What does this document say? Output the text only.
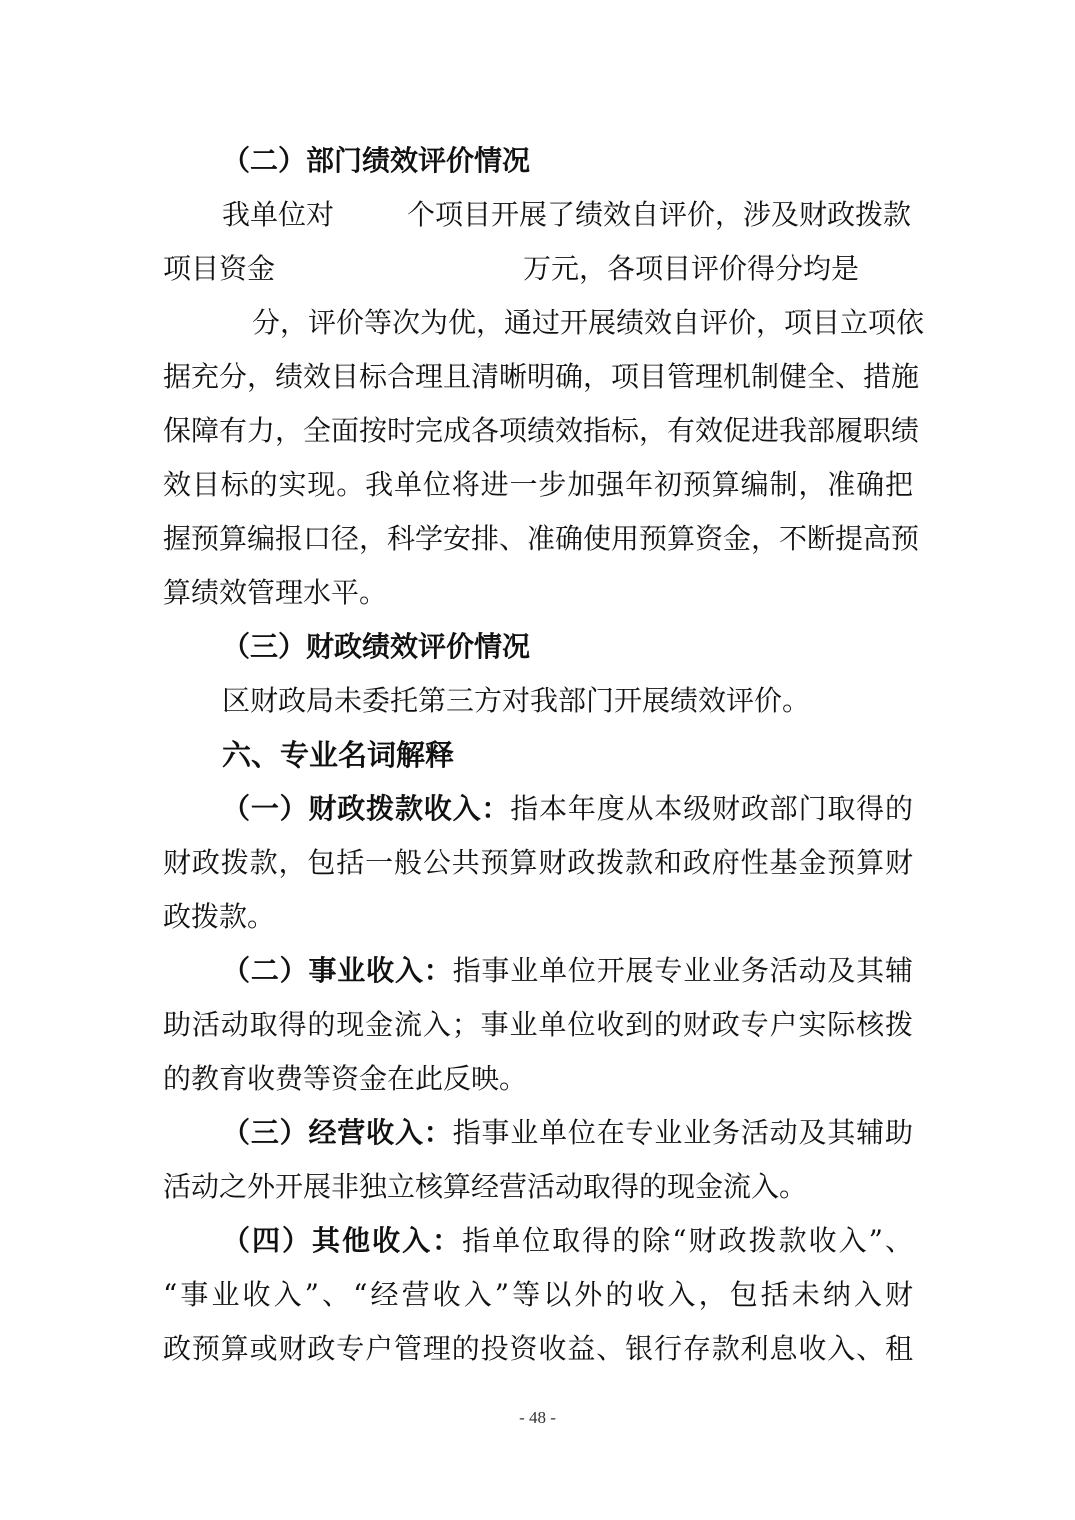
（二）部门绩效评价情况
我单位对	个项目开展了绩效自评价，涉及财政拨款
项目资金	万元，各项目评价得分均是
分，评价等次为优，通过开展绩效自评价，项目立项依
据充分，绩效目标合理且清晰明确，项目管理机制健全、措施
保障有力，全面按时完成各项绩效指标，有效促进我部履职绩
效目标的实现。我单位将进一步加强年初预算编制，准确把
握预算编报口径，科学安排、准确使用预算资金，不断提高预
算绩效管理水平。
（三）财政绩效评价情况
区财政局未委托第三方对我部门开展绩效评价。
六、专业名词解释
（一）财政拨款收入：指本年度从本级财政部门取得的
财政拨款，包括一般公共预算财政拨款和政府性基金预算财
政拨款。
（二）事业收入：指事业单位开展专业业务活动及其辅
助活动取得的现金流入；事业单位收到的财政专户实际核拨
的教育收费等资金在此反映。
（三）经营收入：指事业单位在专业业务活动及其辅助
活动之外开展非独立核算经营活动取得的现金流入。
（四）其他收入：指单位取得的除“财政拨款收入”、
“事业收入”、“经营收入”等以外的收入，包括未纳入财
政预算或财政专户管理的投资收益、银行存款利息收入、租
- 48 -
